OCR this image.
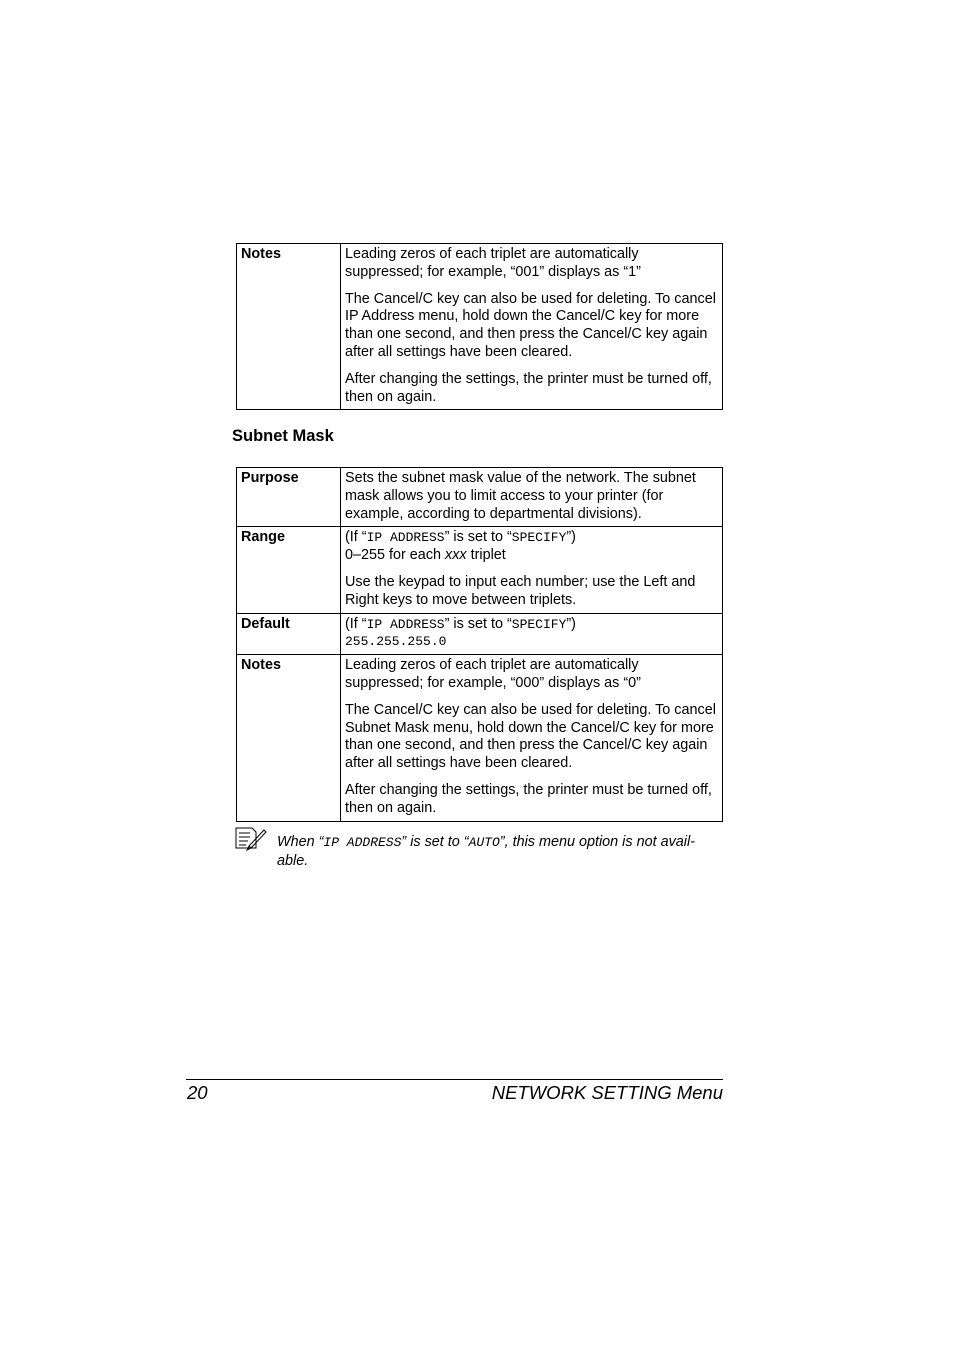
Notes	Leading zeros of each triplet are automatically suppressed; for example, “001” displays as “1”

The Cancel/C key can also be used for deleting. To cancel IP Address menu, hold down the Cancel/C key for more than one second, and then press the Cancel/C key again after all settings have been cleared.

After changing the settings, the printer must be turned off, then on again.

Subnet Mask
Purpose	Sets the subnet mask value of the network. The subnet mask allows you to limit access to your printer (for example, according to departmental divisions).

Range	(If “IP ADDRESS” is set to “SPECIFY”)
0–255 for each xxx triplet

Use the keypad to input each number; use the Left and Right keys to move between triplets.

Default	(If “IP ADDRESS” is set to “SPECIFY”)
255.255.255.0

Notes	Leading zeros of each triplet are automatically suppressed; for example, “000” displays as “0”

The Cancel/C key can also be used for deleting. To cancel Subnet Mask menu, hold down the Cancel/C key for more than one second, and then press the Cancel/C key again after all settings have been cleared.

After changing the settings, the printer must be turned off, then on again.

When “IP ADDRESS” is set to “AUTO”, this menu option is not avail-able.
20	NETWORK SETTING Menu
